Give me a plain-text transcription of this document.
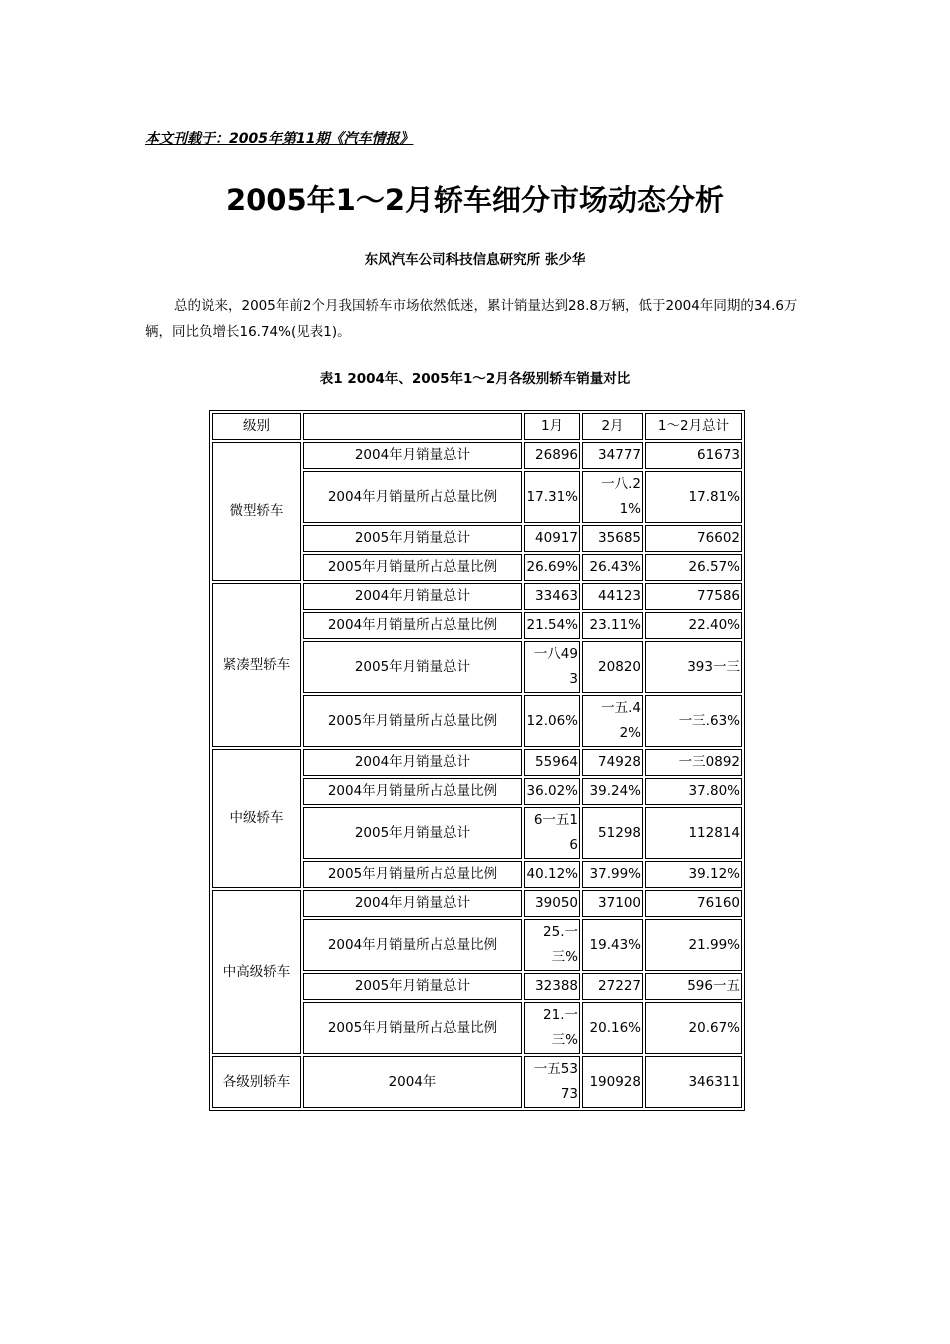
本文刊载于：2005年第11期《汽车情报》
2005年1～2月轿车细分市场动态分析
东风汽车公司科技信息研究所 张少华
总的说来，2005年前2个月我国轿车市场依然低迷，累计销量达到28.8万辆，低于2004年同期的34.6万辆，同比负增长16.74%(见表1)。
表1 2004年、2005年1～2月各级别轿车销量对比
级别		1月	2月	1～2月总计
微型轿车	2004年月销量总计	26896	34777	61673
	2004年月销量所占总量比例	17.31%	一八.21%	17.81%
	2005年月销量总计	40917	35685	76602
	2005年月销量所占总量比例	26.69%	26.43%	26.57%
紧凑型轿车	2004年月销量总计	33463	44123	77586
	2004年月销量所占总量比例	21.54%	23.11%	22.40%
	2005年月销量总计	一八493	20820	393一三
	2005年月销量所占总量比例	12.06%	一五.42%	一三.63%
中级轿车	2004年月销量总计	55964	74928	一三0892
	2004年月销量所占总量比例	36.02%	39.24%	37.80%
	2005年月销量总计	6一五16	51298	112814
	2005年月销量所占总量比例	40.12%	37.99%	39.12%
中高级轿车	2004年月销量总计	39050	37100	76160
	2004年月销量所占总量比例	25.一三%	19.43%	21.99%
	2005年月销量总计	32388	27227	596一五
	2005年月销量所占总量比例	21.一三%	20.16%	20.67%
各级别轿车	2004年	一五5373	190928	346311
